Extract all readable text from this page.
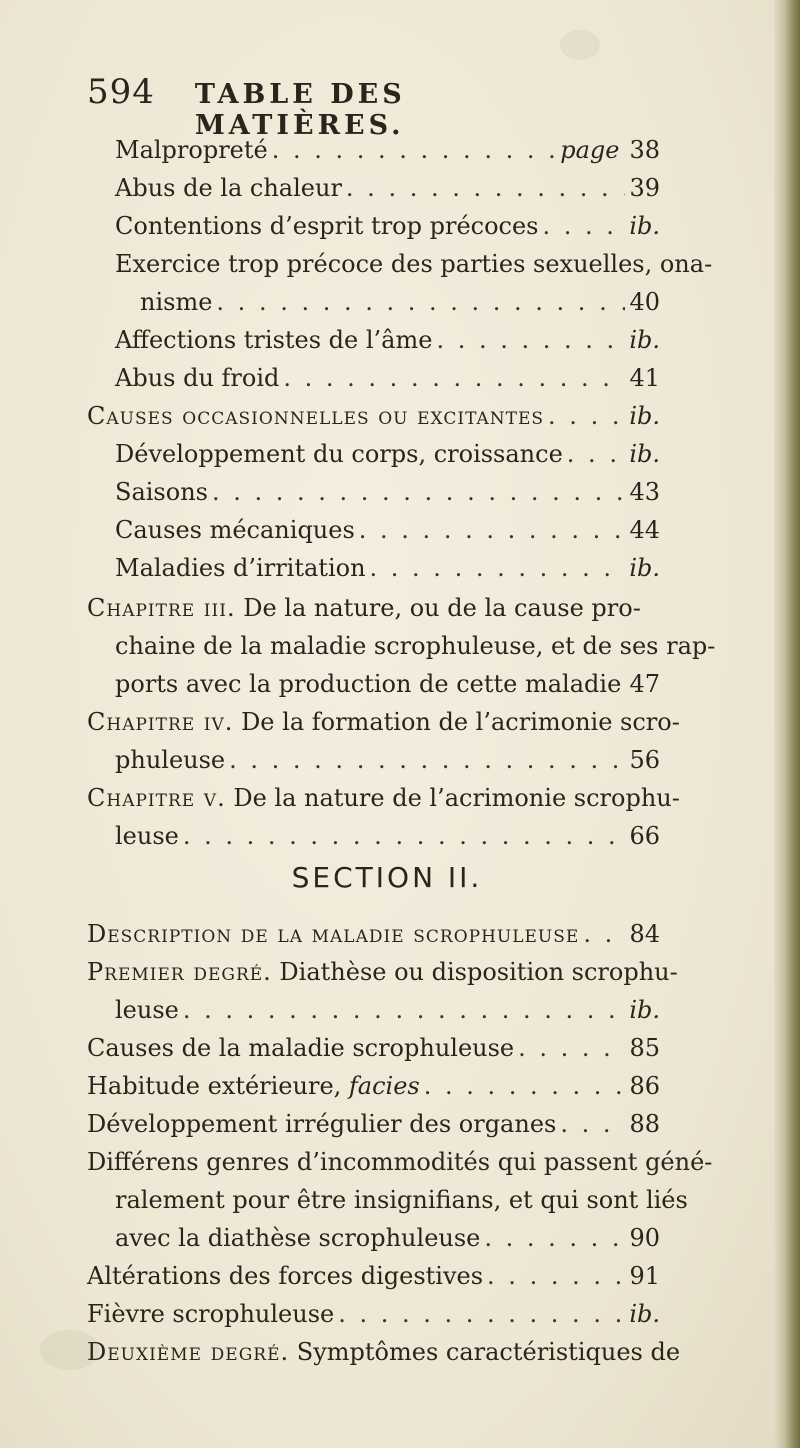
594 TABLE DES MATIÈRES.
Malpropreté . . .	page 38
Abus de la chaleur . . .	39
Contentions d’esprit trop précoces . . .	ib.
Exercice trop précoce des parties sexuelles, ona-
nisme . . .	40
Affections tristes de l’âme . . .	ib.
Abus du froid . . .	41
Causes occasionnelles ou excitantes . . .	ib.
Développement du corps, croissance . . .	ib.
Saisons . . .	43
Causes mécaniques . . .	44
Maladies d’irritation . . .	ib.
Chapitre iii. De la nature, ou de la cause pro-
chaine de la maladie scrophuleuse, et de ses rap-
ports avec la production de cette maladie . . . 47
Chapitre iv. De la formation de l’acrimonie scro-
phuleuse . . .	56
Chapitre v. De la nature de l’acrimonie scrophu-
leuse . . .	66
SECTION II.
Description de la maladie scrophuleuse . . . 84
Premier degré. Diathèse ou disposition scrophu-
leuse . . .	ib.
Causes de la maladie scrophuleuse . . .	85
Habitude extérieure, facies . . .	86
Développement irrégulier des organes . . .	88
Différens genres d’incommodités qui passent géné-
ralement pour être insignifians, et qui sont liés
avec la diathèse scrophuleuse . . .	90
Altérations des forces digestives . . .	91
Fièvre scrophuleuse . . .	ib.
Deuxième degré. Symptômes caractéristiques de
